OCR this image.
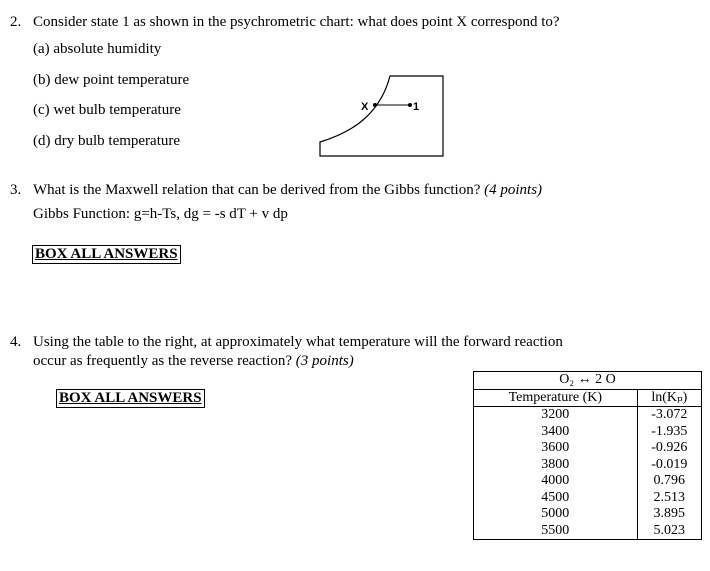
2. Consider state 1 as shown in the psychrometric chart: what does point X correspond to?
(a) absolute humidity
(b) dew point temperature
(c) wet bulb temperature
(d) dry bulb temperature
X	1
3. What is the Maxwell relation that can be derived from the Gibbs function? (4 points)
Gibbs Function: g=h-Ts, dg = -s dT + v dp
BOX ALL ANSWERS
4. Using the table to the right, at approximately what temperature will the forward reaction
occur as frequently as the reverse reaction? (3 points)
BOX ALL ANSWERS
O₂ ↔ 2 O	
Temperature (K)	ln(Kₚ)
3200	-3.072
3400	-1.935
3600	-0.926
3800	-0.019
4000	0.796
4500	2.513
5000	3.895
5500	5.023
